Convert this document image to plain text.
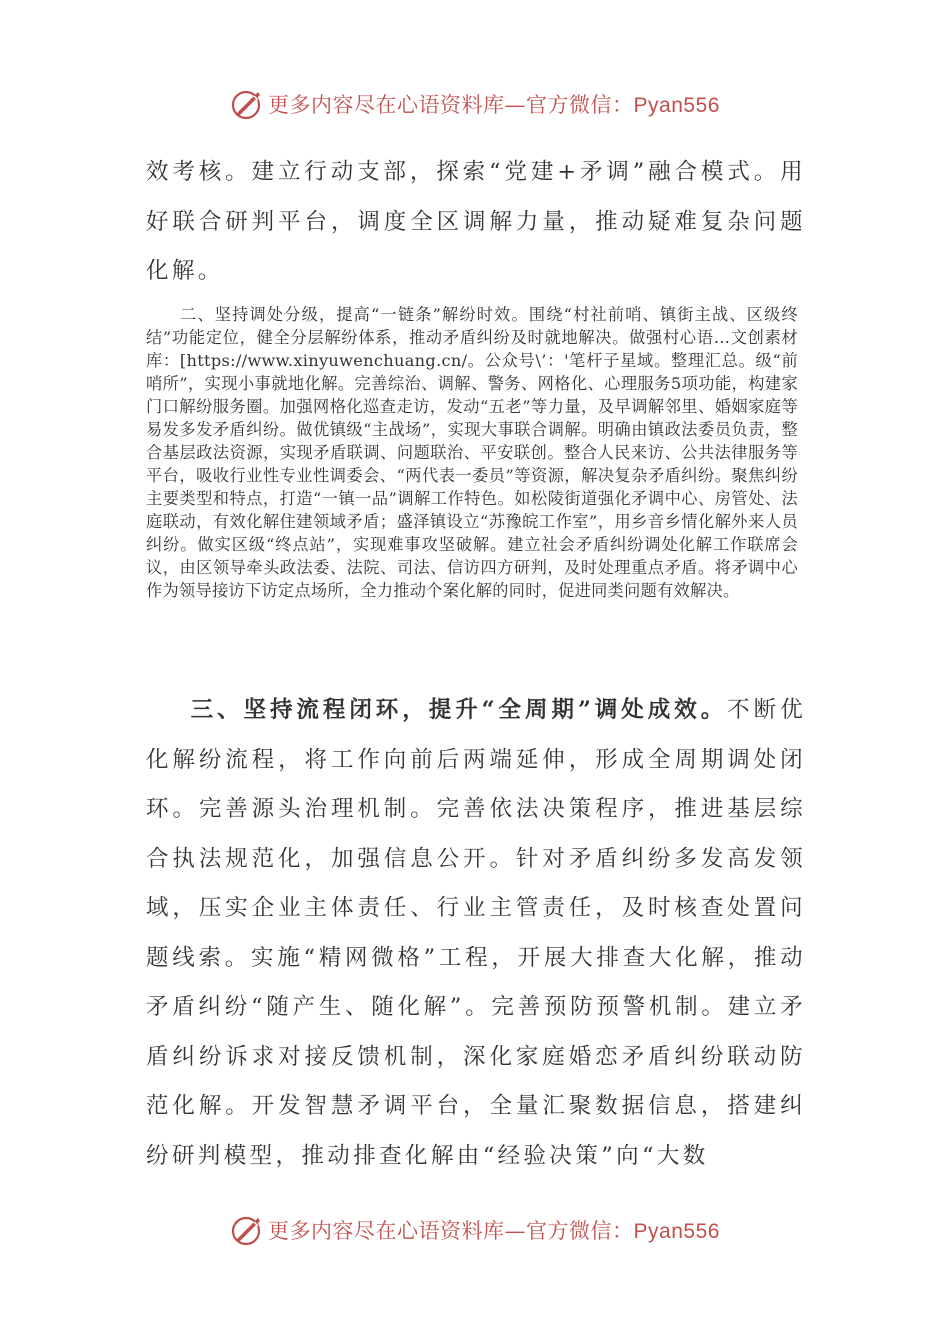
更多内容尽在心语资料库—官方微信：Pyan556

效考核。建立行动支部，探索“党建+矛调”融合模式。用好联合研判平台，调度全区调解力量，推动疑难复杂问题化解。

二、坚持调处分级，提高“一链条”解纷时效。围绕“村社前哨、镇街主战、区级终结”功能定位，健全分层解纷体系，推动矛盾纠纷及时就地解决。做强村心语…文创素材库：[https://www.xinyuwenchuang.cn/。公众号\’：'笔杆子星域。整理汇总。级“前哨所”，实现小事就地化解。完善综治、调解、警务、网格化、心理服务5项功能，构建家门口解纷服务圈。加强网格化巡查走访，发动“五老”等力量，及早调解邻里、婚姻家庭等易发多发矛盾纠纷。做优镇级“主战场”，实现大事联合调解。明确由镇政法委员负责，整合基层政法资源，实现矛盾联调、问题联治、平安联创。整合人民来访、公共法律服务等平台，吸收行业性专业性调委会、“两代表一委员”等资源，解决复杂矛盾纠纷。聚焦纠纷主要类型和特点，打造“一镇一品”调解工作特色。如松陵街道强化矛调中心、房管处、法庭联动，有效化解住建领域矛盾；盛泽镇设立“苏豫皖工作室”，用乡音乡情化解外来人员纠纷。做实区级“终点站”，实现难事攻坚破解。建立社会矛盾纠纷调处化解工作联席会议，由区领导牵头政法委、法院、司法、信访四方研判，及时处理重点矛盾。将矛调中心作为领导接访下访定点场所，全力推动个案化解的同时，促进同类问题有效解决。

三、坚持流程闭环，提升“全周期”调处成效。不断优化解纷流程，将工作向前后两端延伸，形成全周期调处闭环。完善源头治理机制。完善依法决策程序，推进基层综合执法规范化，加强信息公开。针对矛盾纠纷多发高发领域，压实企业主体责任、行业主管责任，及时核查处置问题线索。实施“精网微格”工程，开展大排查大化解，推动矛盾纠纷“随产生、随化解”。完善预防预警机制。建立矛盾纠纷诉求对接反馈机制，深化家庭婚恋矛盾纠纷联动防范化解。开发智慧矛调平台，全量汇聚数据信息，搭建纠纷研判模型，推动排查化解由“经验决策”向“大数

更多内容尽在心语资料库—官方微信：Pyan556
